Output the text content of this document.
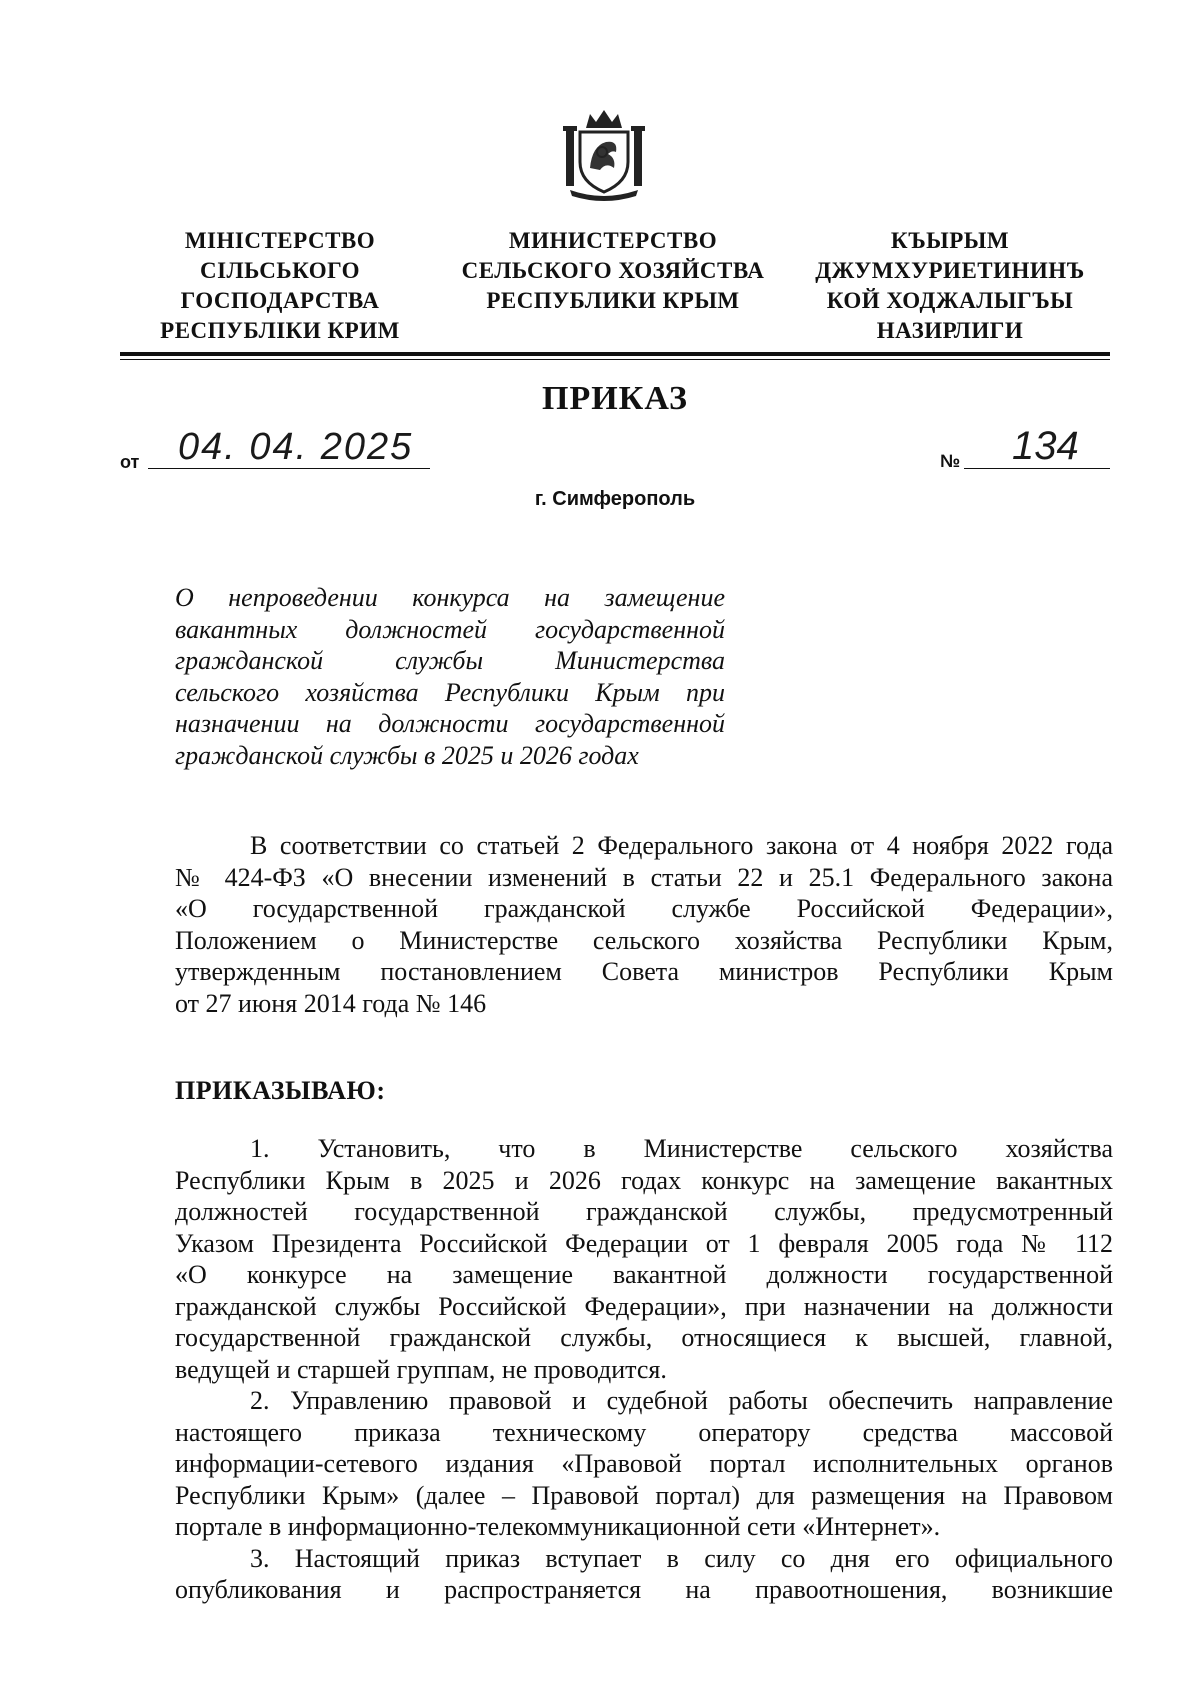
МІНІСТЕРСТВО
СІЛЬСЬКОГО
ГОСПОДАРСТВА
РЕСПУБЛІКИ КРИМ
МИНИСТЕРСТВО
СЕЛЬСКОГО ХОЗЯЙСТВА
РЕСПУБЛИКИ КРЫМ
КЪЫРЫМ
ДЖУМХУРИЕТИНИНЪ
КОЙ ХОДЖАЛЫГЪЫ
НАЗИРЛИГИ
ПРИКАЗ
от 04. 04. 2025	№ 134
г. Симферополь
О непроведении конкурса на замещение
вакантных должностей государственной
гражданской службы Министерства
сельского хозяйства Республики Крым при
назначении на должности государственной
гражданской службы в 2025 и 2026 годах
В соответствии со статьей 2 Федерального закона от 4 ноября 2022 года
№ 424-ФЗ «О внесении изменений в статьи 22 и 25.1 Федерального закона
«О государственной гражданской службе Российской Федерации»,
Положением о Министерстве сельского хозяйства Республики Крым,
утвержденным постановлением Совета министров Республики Крым
от 27 июня 2014 года № 146
ПРИКАЗЫВАЮ:
1. Установить, что в Министерстве сельского хозяйства
Республики Крым в 2025 и 2026 годах конкурс на замещение вакантных
должностей государственной гражданской службы, предусмотренный
Указом Президента Российской Федерации от 1 февраля 2005 года № 112
«О конкурсе на замещение вакантной должности государственной
гражданской службы Российской Федерации», при назначении на должности
государственной гражданской службы, относящиеся к высшей, главной,
ведущей и старшей группам, не проводится.
2. Управлению правовой и судебной работы обеспечить направление
настоящего приказа техническому оператору средства массовой
информации-сетевого издания «Правовой портал исполнительных органов
Республики Крым» (далее – Правовой портал) для размещения на Правовом
портале в информационно-телекоммуникационной сети «Интернет».
3. Настоящий приказ вступает в силу со дня его официального
опубликования и распространяется на правоотношения, возникшие
